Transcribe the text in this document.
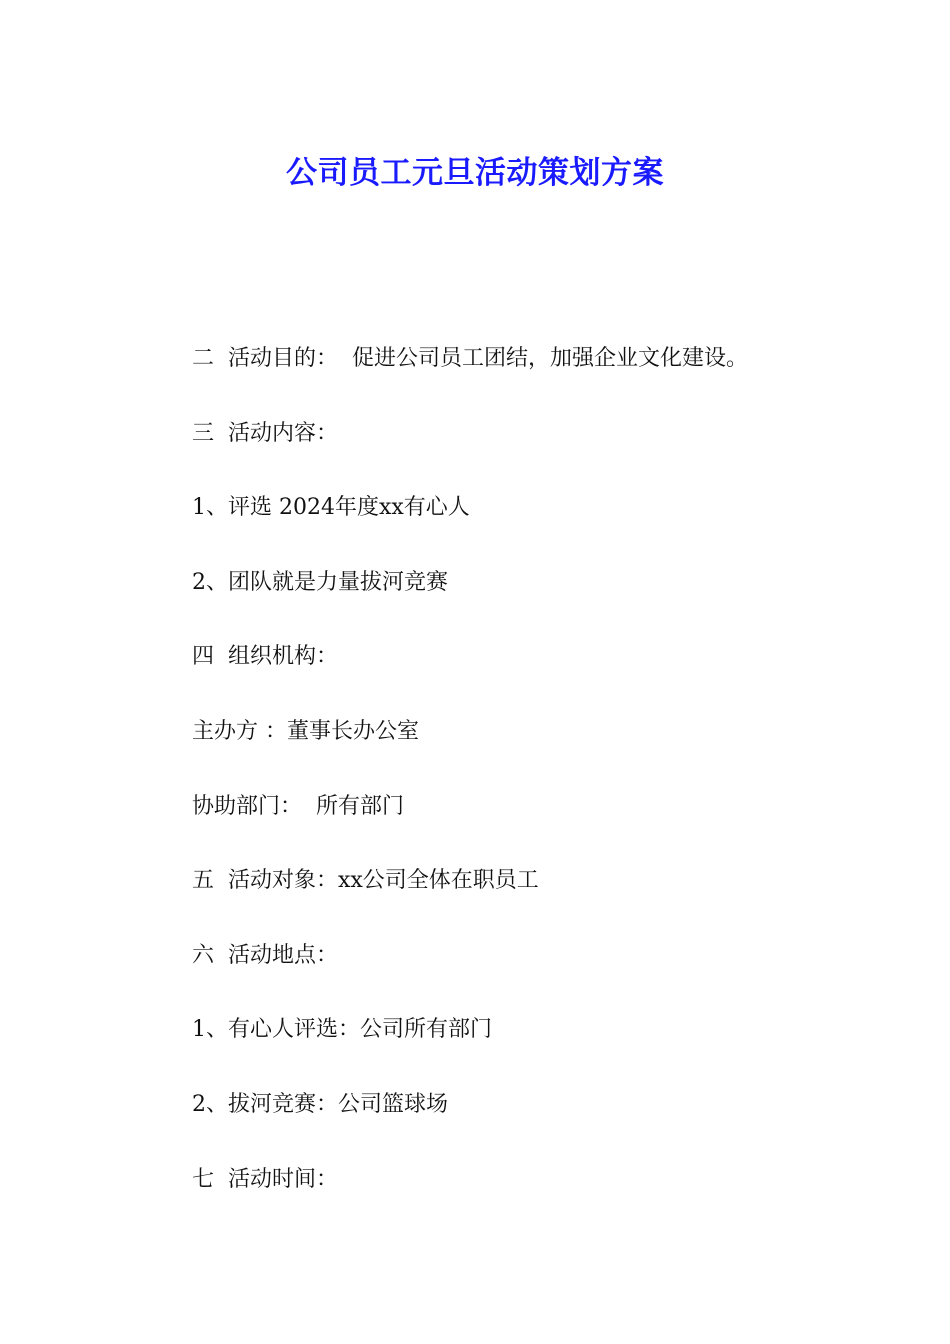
公司员工元旦活动策划方案
二  活动目的：  促进公司员工团结，加强企业文化建设。
三  活动内容：
1、评选 2024年度xx有心人
2、团队就是力量拔河竞赛
四  组织机构：
主办方 ：董事长办公室
协助部门：  所有部门
五  活动对象：xx公司全体在职员工
六  活动地点：
1、有心人评选：公司所有部门
2、拔河竞赛：公司篮球场
七  活动时间：
